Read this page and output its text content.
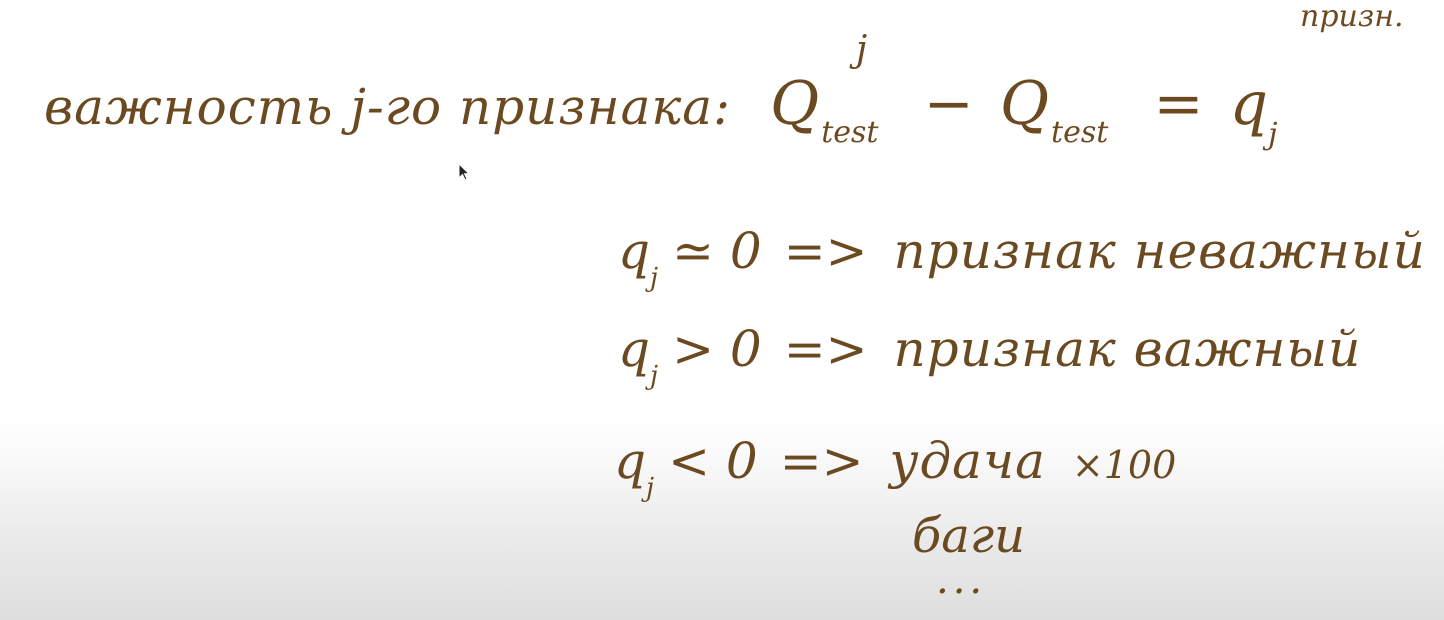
призн.
важность j-го признака: $Q_{test}$
j
− $Q_{test} = q_j$
$q_j$ ≃ 0 => признак неважный
$q_j > 0$ => признак важный
$q_j < 0$ => удача ×100
баги
...
